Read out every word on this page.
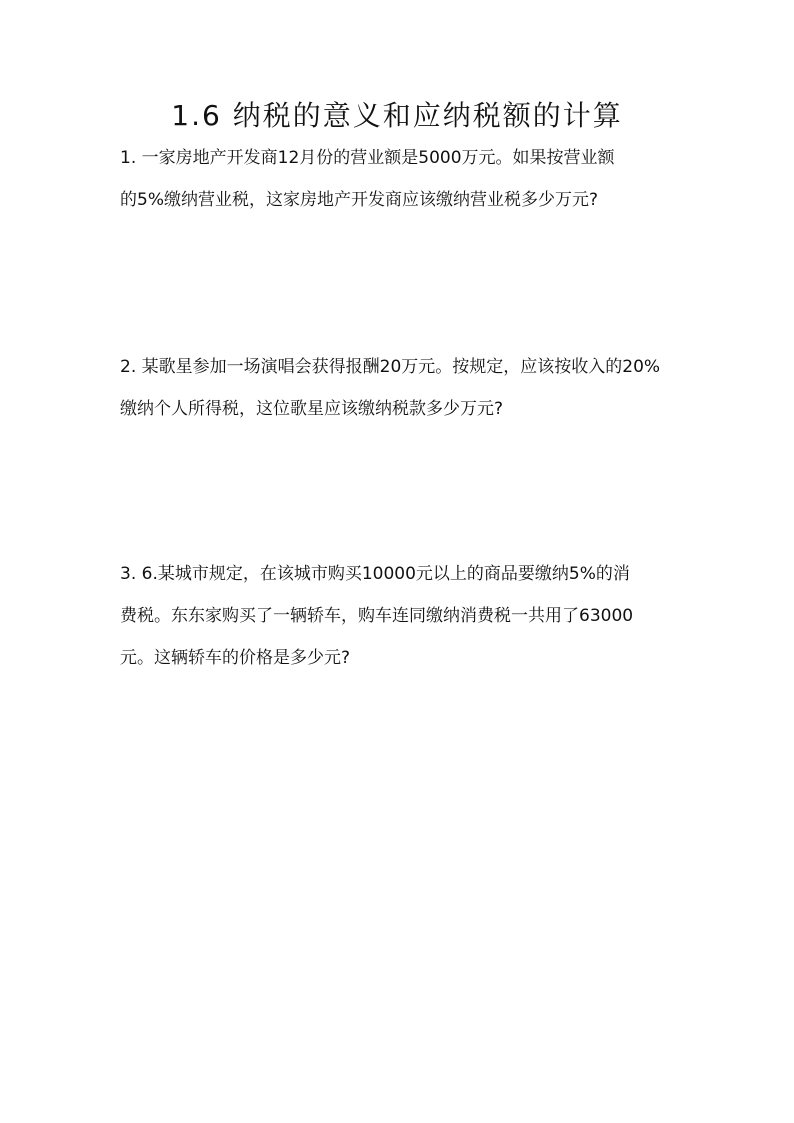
1.6 纳税的意义和应纳税额的计算
1. 一家房地产开发商12月份的营业额是5000万元。如果按营业额
的5%缴纳营业税，这家房地产开发商应该缴纳营业税多少万元?
2. 某歌星参加一场演唱会获得报酬20万元。按规定，应该按收入的20%
缴纳个人所得税，这位歌星应该缴纳税款多少万元?
3. 6.某城市规定，在该城市购买10000元以上的商品要缴纳5%的消
费税。东东家购买了一辆轿车，购车连同缴纳消费税一共用了63000
元。这辆轿车的价格是多少元?
